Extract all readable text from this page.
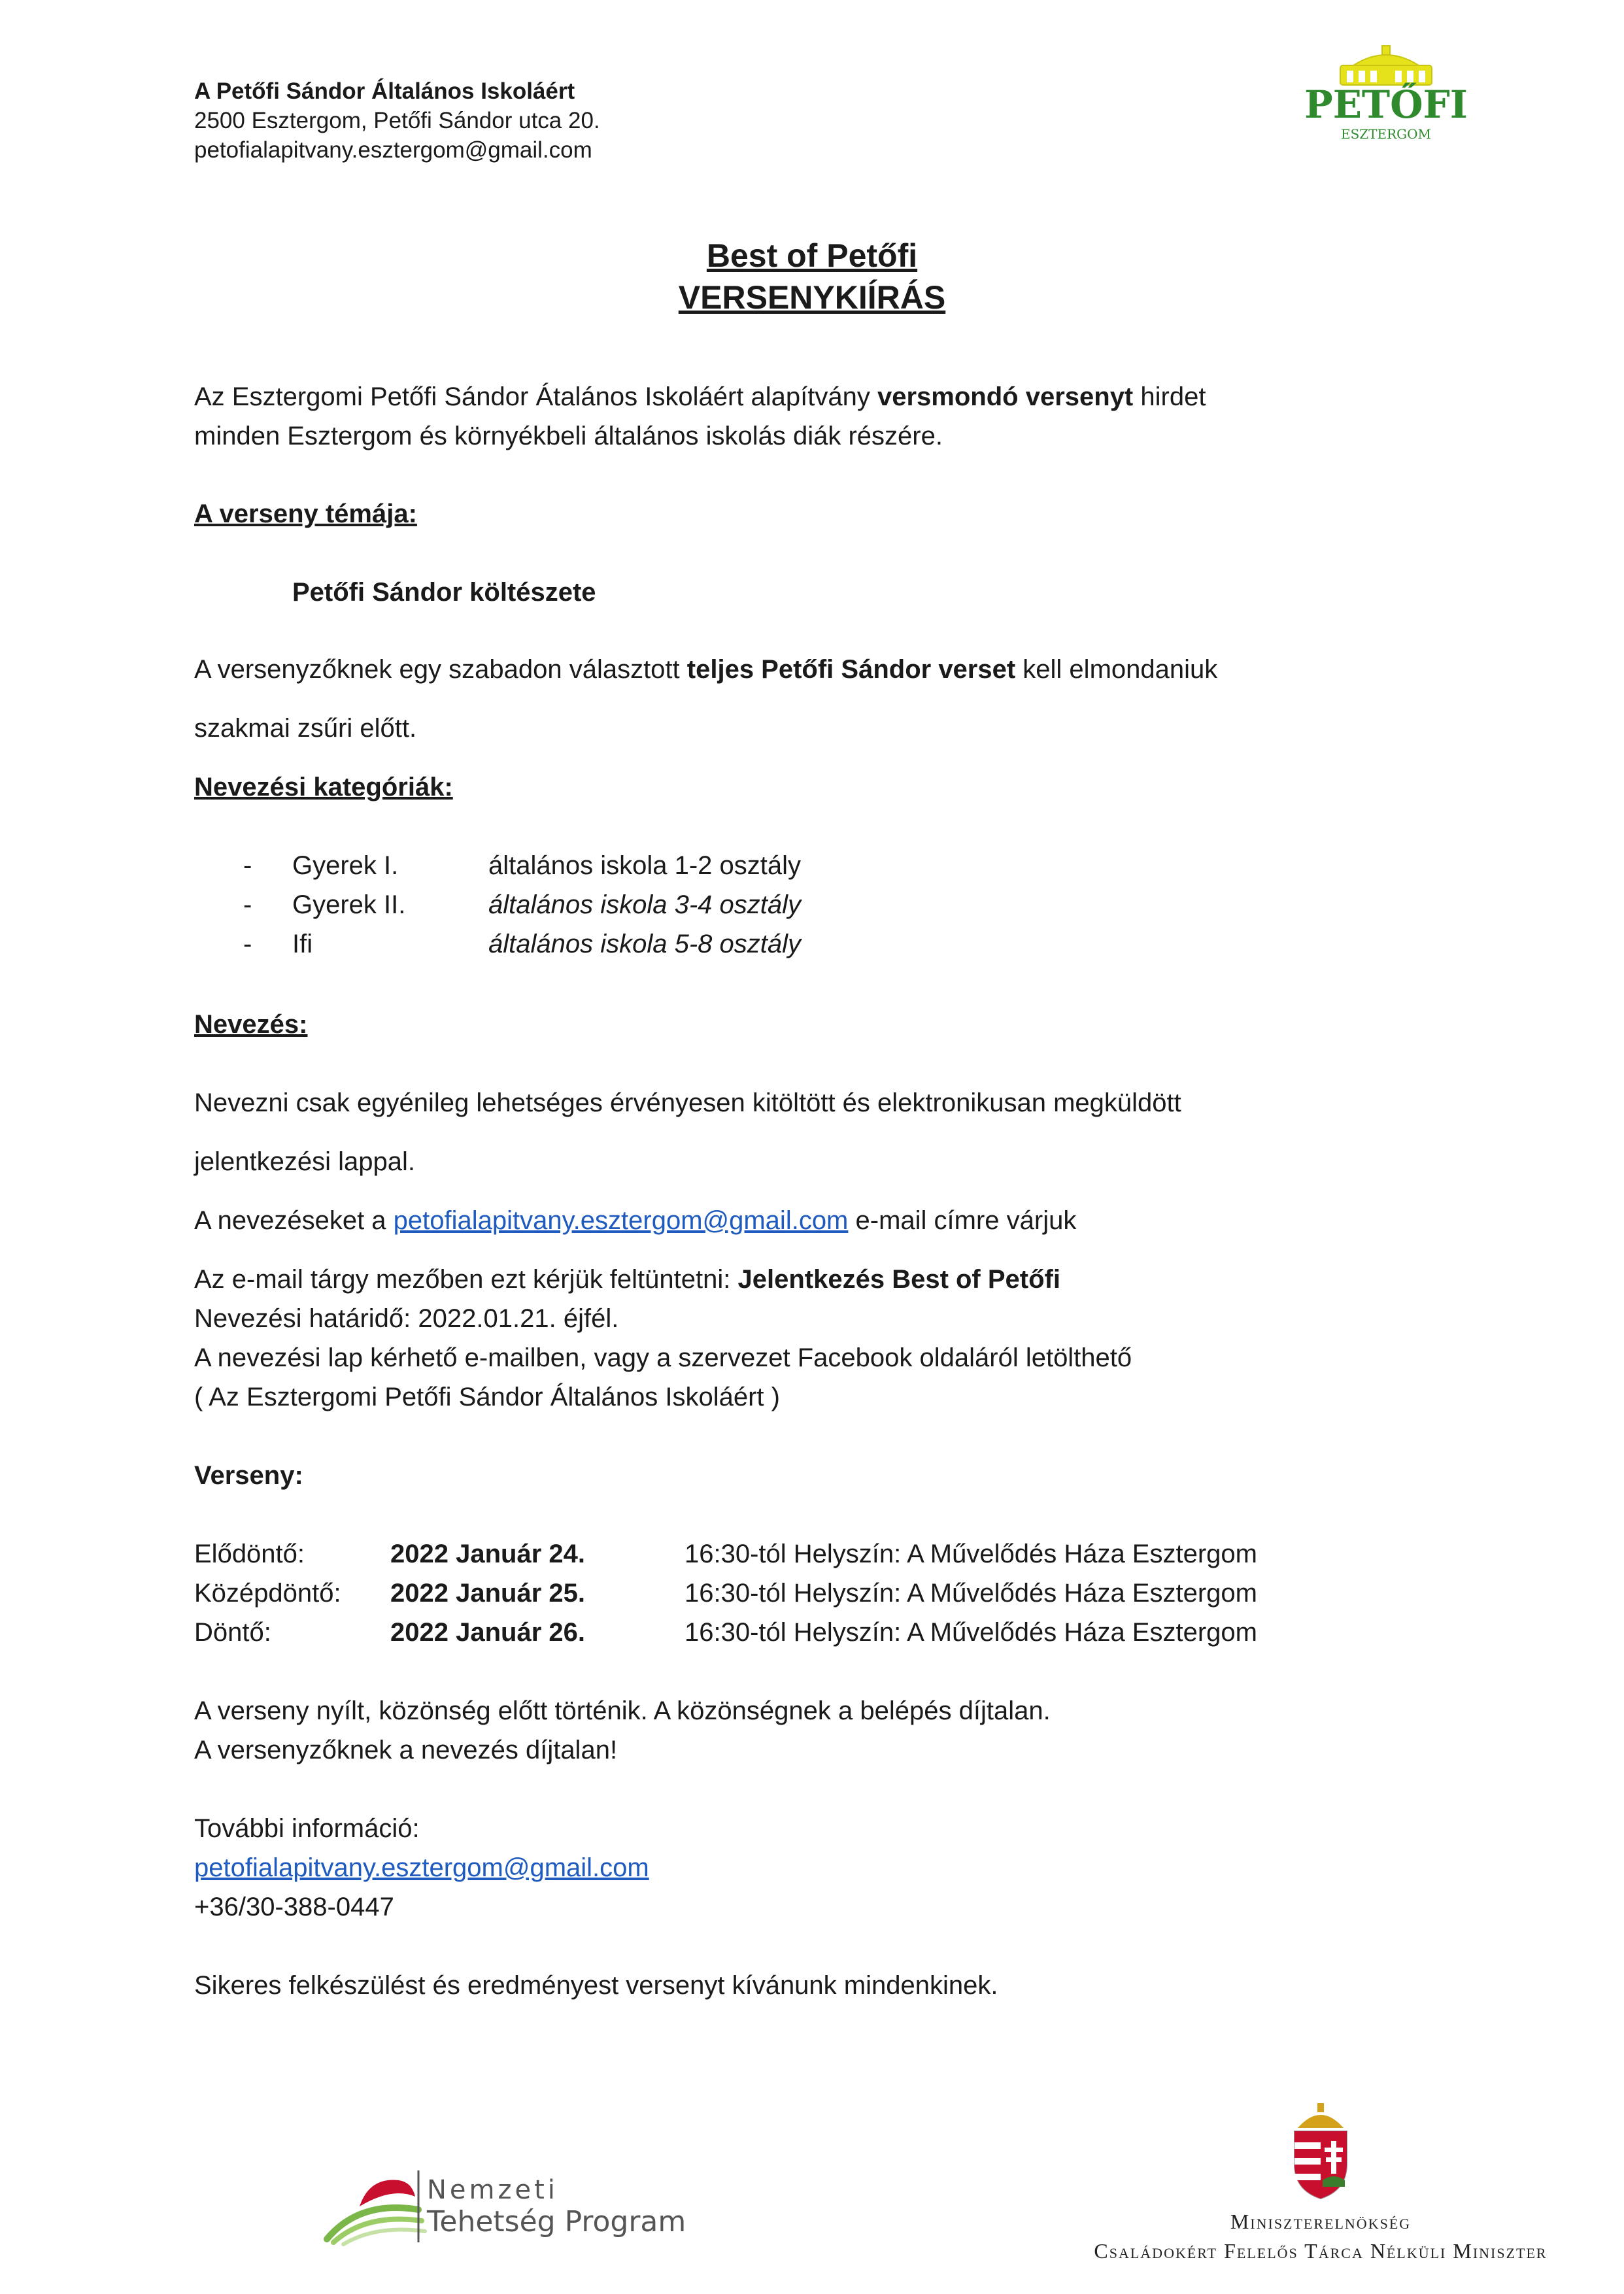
A Petőfi Sándor Általános Iskoláért
2500 Esztergom, Petőfi Sándor utca 20.
petofialapitvany.esztergom@gmail.com
PETŐFI
ESZTERGOM
Best of Petőfi
VERSENYKIÍRÁS
Az Esztergomi Petőfi Sándor Átalános Iskoláért alapítvány versmondó versenyt hirdet
minden Esztergom és környékbeli általános iskolás diák részére.
A verseny témája:
Petőfi Sándor költészete
A versenyzőknek egy szabadon választott teljes Petőfi Sándor verset kell elmondaniuk
szakmai zsűri előtt.
Nevezési kategóriák:
- Gyerek I.	általános iskola 1-2 osztály
- Gyerek II.	általános iskola 3-4 osztály
- Ifi	általános iskola 5-8 osztály
Nevezés:
Nevezni csak egyénileg lehetséges érvényesen kitöltött és elektronikusan megküldött
jelentkezési lappal.
A nevezéseket a petofialapitvany.esztergom@gmail.com e-mail címre várjuk
Az e-mail tárgy mezőben ezt kérjük feltüntetni: Jelentkezés Best of Petőfi
Nevezési határidő: 2022.01.21. éjfél.
A nevezési lap kérhető e-mailben, vagy a szervezet Facebook oldaláról letölthető
( Az Esztergomi Petőfi Sándor Általános Iskoláért )
Verseny:
Elődöntő:	2022 Január 24.	16:30-tól Helyszín: A Művelődés Háza Esztergom
Középdöntő: 2022 Január 25.	16:30-tól Helyszín: A Művelődés Háza Esztergom
Döntő:	2022 Január 26.	16:30-tól Helyszín: A Művelődés Háza Esztergom
A verseny nyílt, közönség előtt történik. A közönségnek a belépés díjtalan.
A versenyzőknek a nevezés díjtalan!
További információ:
petofialapitvany.esztergom@gmail.com
+36/30-388-0447
Sikeres felkészülést és eredményest versenyt kívánunk mindenkinek.
Nemzeti
Tehetség Program	Miniszterelnökség
Családokért Felelős Tárca Nélküli Miniszter
